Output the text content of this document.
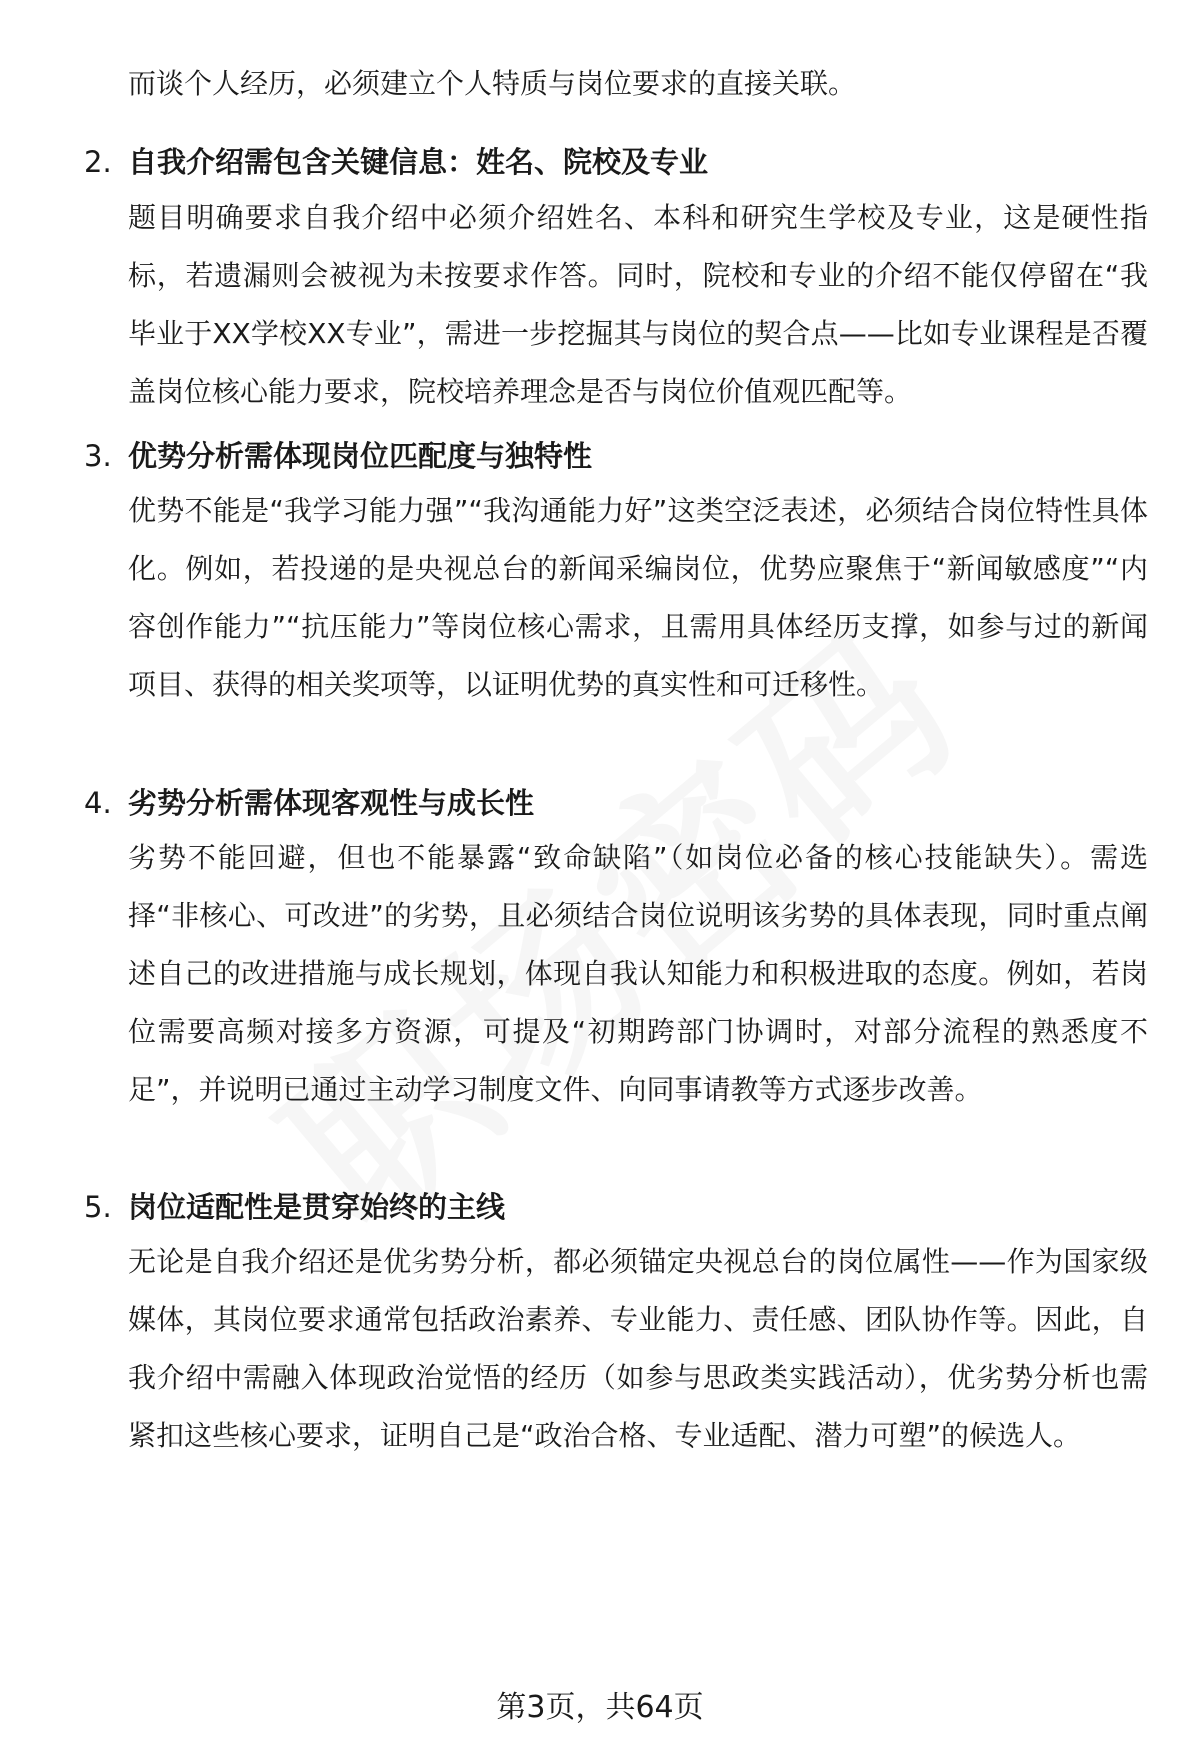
而谈个人经历，必须建立个人特质与岗位要求的直接关联。
2. 自我介绍需包含关键信息：姓名、院校及专业
题目明确要求自我介绍中必须介绍姓名、本科和研究生学校及专业，这是硬性指标，若遗漏则会被视为未按要求作答。同时，院校和专业的介绍不能仅停留在“我毕业于XX学校XX专业”，需进一步挖掘其与岗位的契合点——比如专业课程是否覆盖岗位核心能力要求，院校培养理念是否与岗位价值观匹配等。
3. 优势分析需体现岗位匹配度与独特性
优势不能是“我学习能力强”“我沟通能力好”这类空泛表述，必须结合岗位特性具体化。例如，若投递的是央视总台的新闻采编岗位，优势应聚焦于“新闻敏感度”“内容创作能力”“抗压能力”等岗位核心需求，且需用具体经历支撑，如参与过的新闻项目、获得的相关奖项等，以证明优势的真实性和可迁移性。
4. 劣势分析需体现客观性与成长性
劣势不能回避，但也不能暴露“致命缺陷”（如岗位必备的核心技能缺失）。需选择“非核心、可改进”的劣势，且必须结合岗位说明该劣势的具体表现，同时重点阐述自己的改进措施与成长规划，体现自我认知能力和积极进取的态度。例如，若岗位需要高频对接多方资源，可提及“初期跨部门协调时，对部分流程的熟悉度不足”，并说明已通过主动学习制度文件、向同事请教等方式逐步改善。
5. 岗位适配性是贯穿始终的主线
无论是自我介绍还是优劣势分析，都必须锚定央视总台的岗位属性——作为国家级媒体，其岗位要求通常包括政治素养、专业能力、责任感、团队协作等。因此，自我介绍中需融入体现政治觉悟的经历（如参与思政类实践活动），优劣势分析也需紧扣这些核心要求，证明自己是“政治合格、专业适配、潜力可塑”的候选人。
第3页，共64页
